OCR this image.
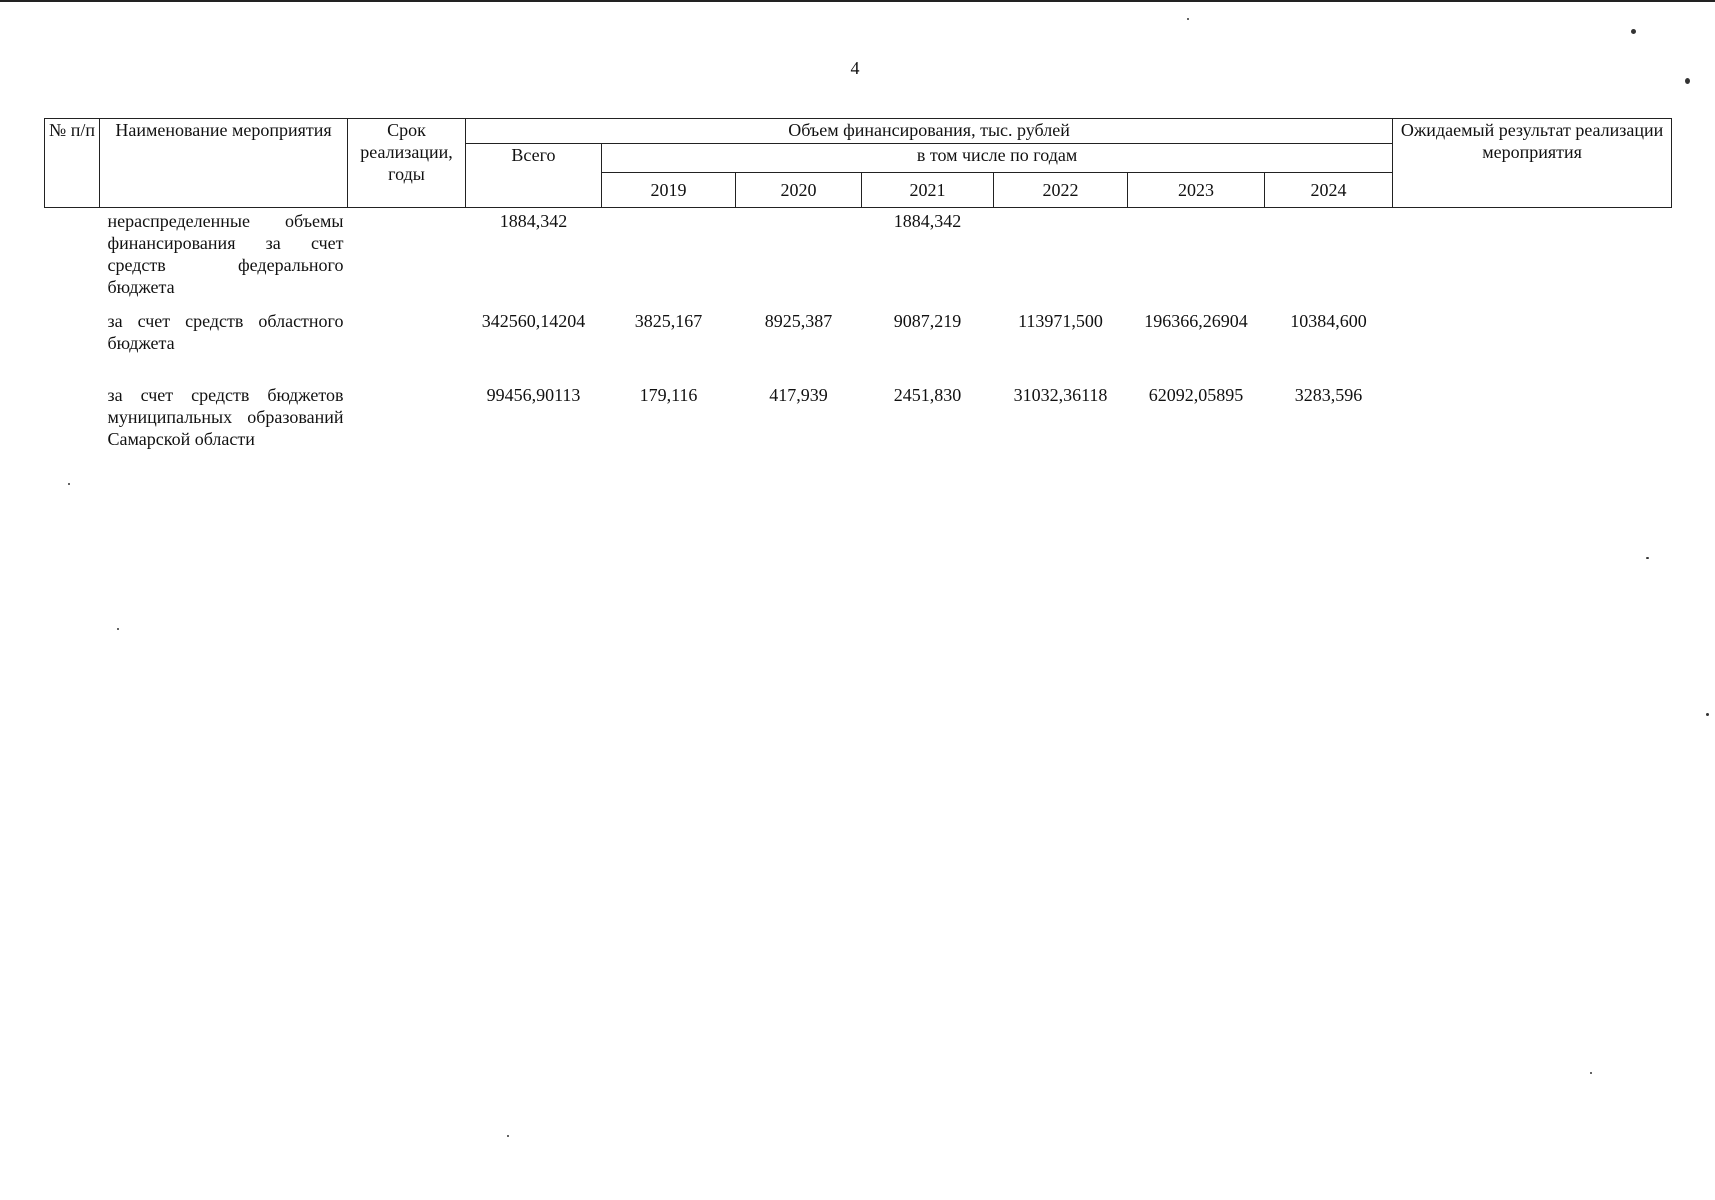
4
№ п/п	Наименование мероприятия	Срок реализации, годы	Объем финансирования, тыс. рублей							Ожидаемый результат реализации мероприятия
			Всего	в том числе по годам						
				2019	2020	2021	2022	2023	2024	
	нераспределенные объемы финансирования за счет средств федерального бюджета		1884,342			1884,342				
	за счет средств областного бюджета		342560,14204	3825,167	8925,387	9087,219	113971,500	196366,26904	10384,600	
	за счет средств бюджетов муниципальных образований Самарской области		99456,90113	179,116	417,939	2451,830	31032,36118	62092,05895	3283,596	
